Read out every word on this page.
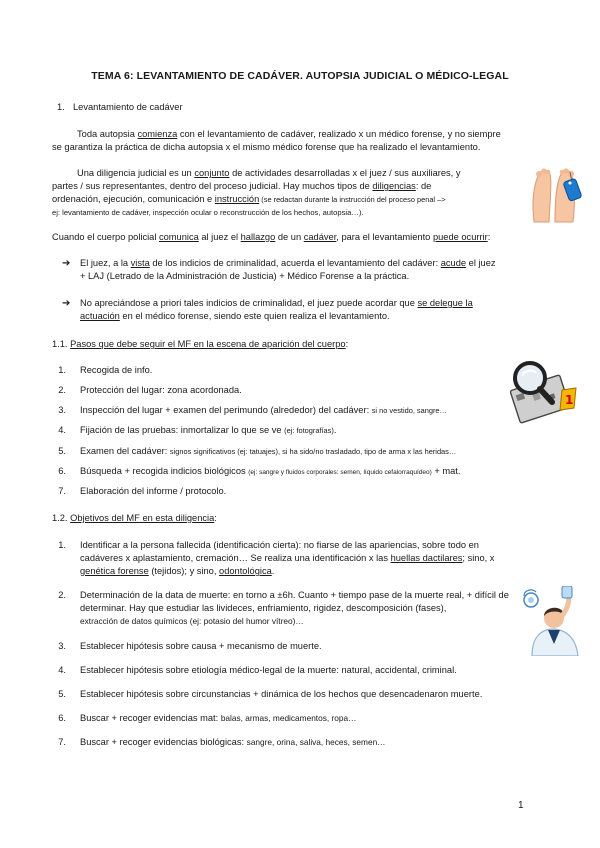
TEMA 6: LEVANTAMIENTO DE CADÁVER. AUTOPSIA JUDICIAL O MÉDICO-LEGAL
1. Levantamiento de cadáver
Toda autopsia comienza con el levantamiento de cadáver, realizado x un médico forense, y no siempre
se garantiza la práctica de dicha autopsia x el mismo médico forense que ha realizado el levantamiento.
Una diligencia judicial es un conjunto de actividades desarrolladas x el juez / sus auxiliares, y
partes / sus representantes, dentro del proceso judicial. Hay muchos tipos de diligencias: de
ordenación, ejecución, comunicación e instrucción (se redactan durante la instrucción del proceso penal –>
ej: levantamiento de cadáver, inspección ocular o reconstrucción de los hechos, autopsia…).
Cuando el cuerpo policial comunica al juez el hallazgo de un cadáver, para el levantamiento puede ocurrir:
➔ El juez, a la vista de los indicios de criminalidad, acuerda el levantamiento del cadáver: acude el juez
+ LAJ (Letrado de la Administración de Justicia) + Médico Forense a la práctica.
➔ No apreciándose a priori tales indicios de criminalidad, el juez puede acordar que se delegue la
actuación en el médico forense, siendo este quien realiza el levantamiento.
1.1. Pasos que debe seguir el MF en la escena de aparición del cuerpo:
1. Recogida de info.
2. Protección del lugar: zona acordonada.
3. Inspección del lugar + examen del perimundo (alrededor) del cadáver: si no vestido, sangre…
4. Fijación de las pruebas: inmortalizar lo que se ve (ej: fotografías).
5. Examen del cadáver: signos significativos (ej: tatuajes), si ha sido/no trasladado, tipo de arma x las heridas…
6. Búsqueda + recogida indicios biológicos (ej: sangre y fluidos corporales: semen, líquido cefalorraquídeo) + mat.
7. Elaboración del informe / protocolo.
1.2. Objetivos del MF en esta diligencia:
1. Identificar a la persona fallecida (identificación cierta): no fiarse de las apariencias, sobre todo en
cadáveres x aplastamiento, cremación… Se realiza una identificación x las huellas dactilares; sino, x
genética forense (tejidos); y sino, odontológica.
2. Determinación de la data de muerte: en torno a ±6h. Cuanto + tiempo pase de la muerte real, + difícil de
determinar. Hay que estudiar las livideces, enfriamiento, rigidez, descomposición (fases),
extracción de datos químicos (ej: potasio del humor vítreo)…
3. Establecer hipótesis sobre causa + mecanismo de muerte.
4. Establecer hipótesis sobre etiología médico-legal de la muerte: natural, accidental, criminal.
5. Establecer hipótesis sobre circunstancias + dinámica de los hechos que desencadenaron muerte.
6. Buscar + recoger evidencias mat: balas, armas, medicamentos, ropa…
7. Buscar + recoger evidencias biológicas: sangre, orina, saliva, heces, semen…
1
1
